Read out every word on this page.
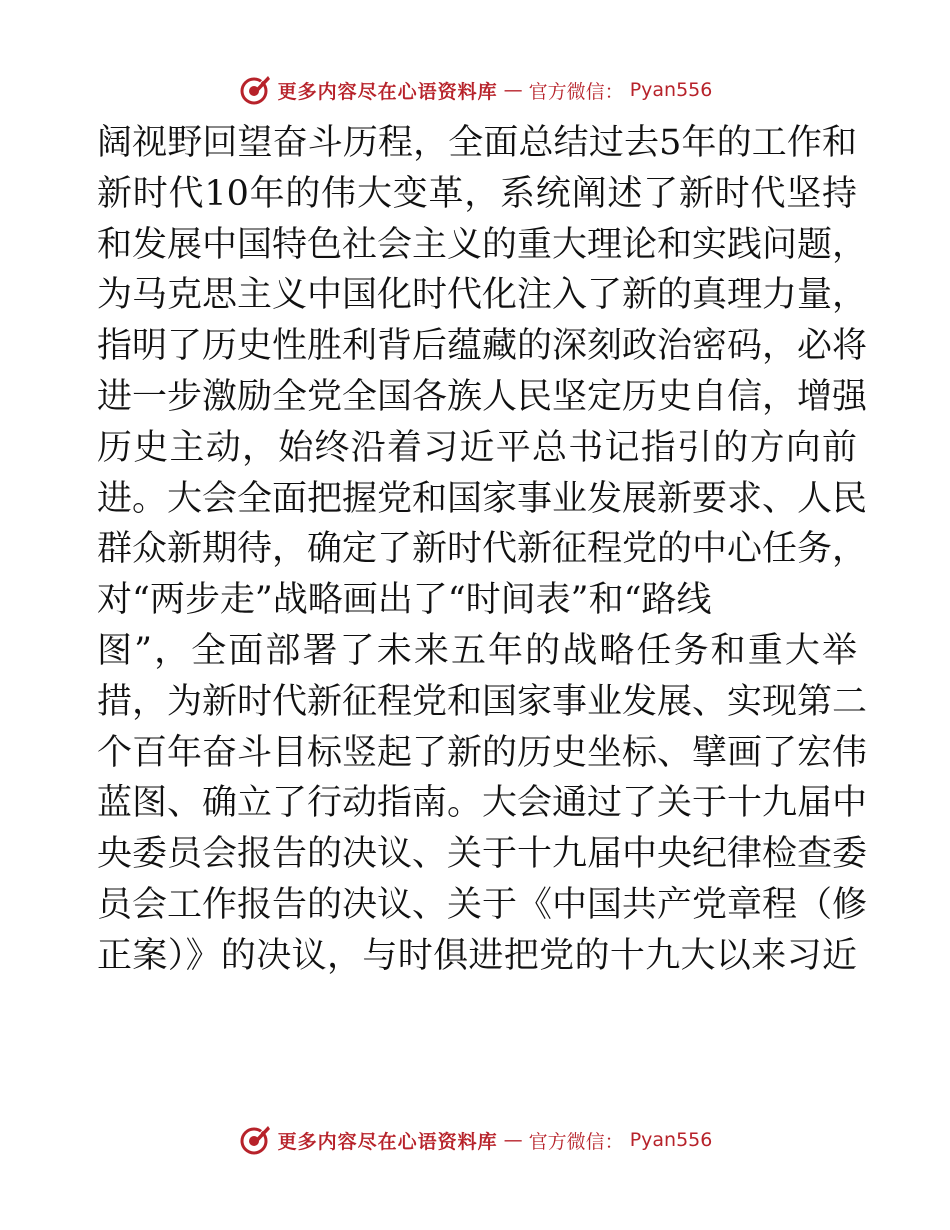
更多内容尽在心语资料库 — 官方微信： Pyan556
阔视野回望奋斗历程，全面总结过去5年的工作和
新时代10年的伟大变革，系统阐述了新时代坚持
和发展中国特色社会主义的重大理论和实践问题，
为马克思主义中国化时代化注入了新的真理力量，
指明了历史性胜利背后蕴藏的深刻政治密码，必将
进一步激励全党全国各族人民坚定历史自信，增强
历史主动，始终沿着习近平总书记指引的方向前
进。大会全面把握党和国家事业发展新要求、人民
群众新期待，确定了新时代新征程党的中心任务，
对“两步走”战略画出了“时间表”和“路线
图”，全面部署了未来五年的战略任务和重大举
措，为新时代新征程党和国家事业发展、实现第二
个百年奋斗目标竖起了新的历史坐标、擘画了宏伟
蓝图、确立了行动指南。大会通过了关于十九届中
央委员会报告的决议、关于十九届中央纪律检查委
员会工作报告的决议、关于《中国共产党章程（修
正案）》的决议，与时俱进把党的十九大以来习近
更多内容尽在心语资料库 — 官方微信： Pyan556
